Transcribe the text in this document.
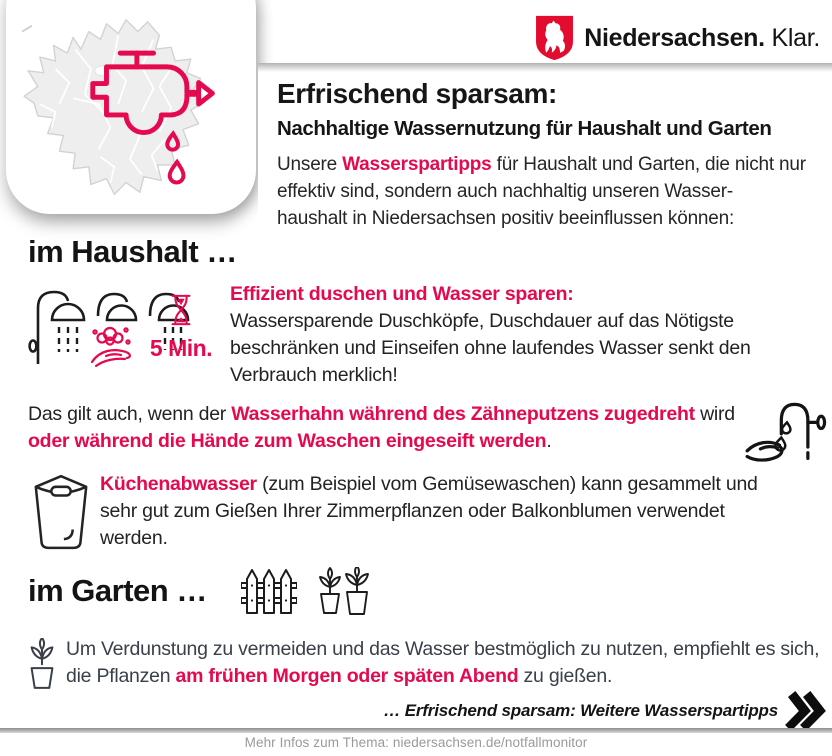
Niedersachsen. Klar.
Erfrischend sparsam:
Nachhaltige Wassernutzung für Haushalt und Garten
Unsere Wasserspartipps für Haushalt und Garten, die nicht nur effektiv sind, sondern auch nachhaltig unseren Wasser-
haushalt in Niedersachsen positiv beeinflussen können:
im Haushalt …
5 Min.
Effizient duschen und Wasser sparen:
Wassersparende Duschköpfe, Duschdauer auf das Nötigste beschränken und Einseifen ohne laufendes Wasser senkt den Verbrauch merklich!
Das gilt auch, wenn der Wasserhahn während des Zähneputzens zugedreht wird oder während die Hände zum Waschen eingeseift werden.
Küchenabwasser (zum Beispiel vom Gemüsewaschen) kann gesammelt und sehr gut zum Gießen Ihrer Zimmerpflanzen oder Balkonblumen verwendet werden.
im Garten …
Um Verdunstung zu vermeiden und das Wasser bestmöglich zu nutzen, empfiehlt es sich, die Pflanzen am frühen Morgen oder späten Abend zu gießen.
… Erfrischend sparsam: Weitere Wasserspartipps
Mehr Infos zum Thema: niedersachsen.de/notfallmonitor
